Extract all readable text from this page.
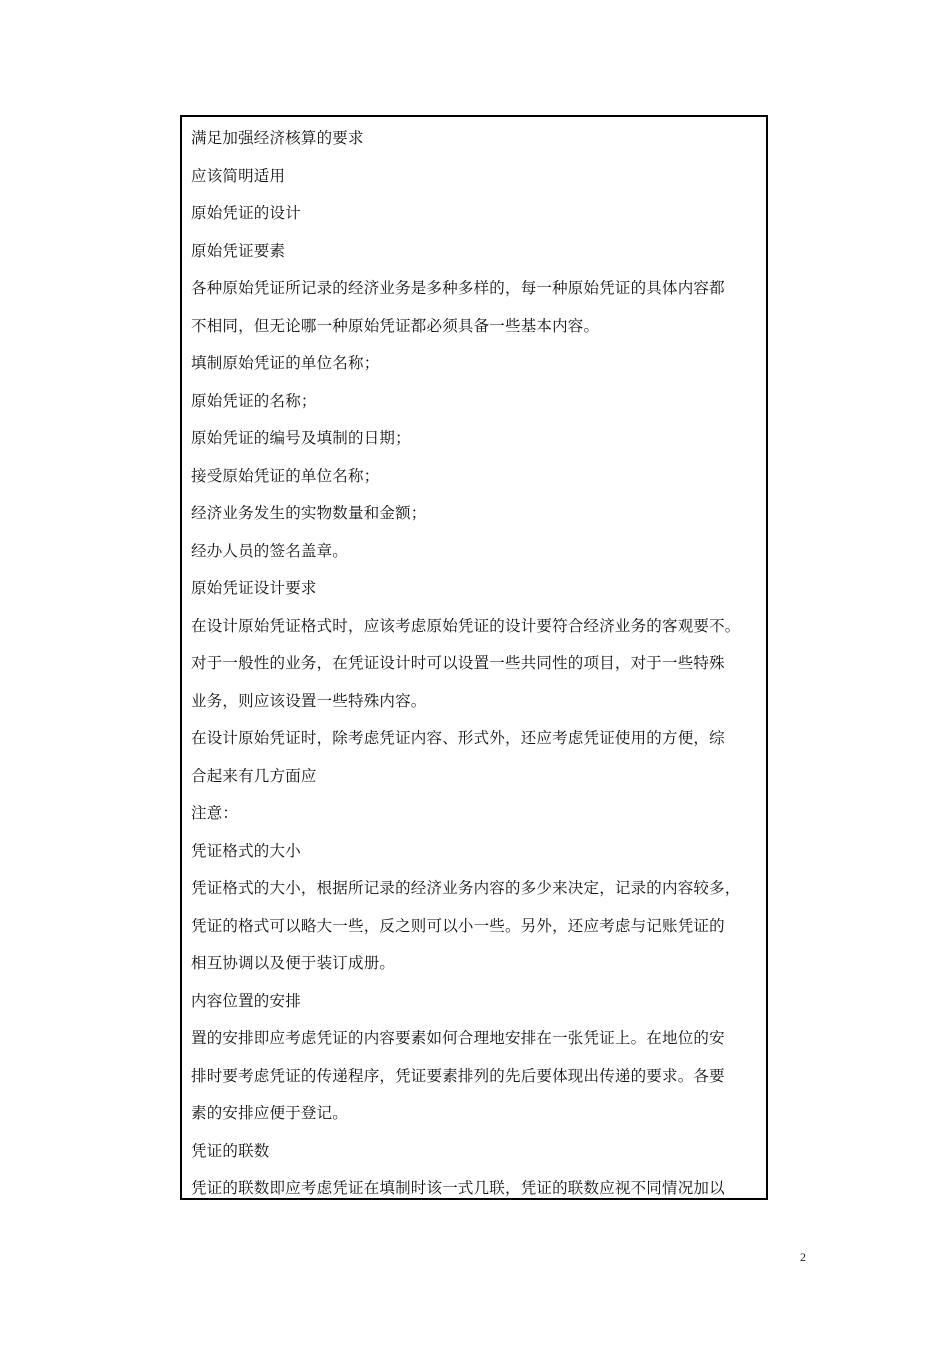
满足加强经济核算的要求
应该简明适用
原始凭证的设计
原始凭证要素
各种原始凭证所记录的经济业务是多种多样的，每一种原始凭证的具体内容都
不相同，但无论哪一种原始凭证都必须具备一些基本内容。
填制原始凭证的单位名称；
原始凭证的名称；
原始凭证的编号及填制的日期；
接受原始凭证的单位名称；
经济业务发生的实物数量和金额；
经办人员的签名盖章。
原始凭证设计要求
在设计原始凭证格式时，应该考虑原始凭证的设计要符合经济业务的客观要不。
对于一般性的业务，在凭证设计时可以设置一些共同性的项目，对于一些特殊
业务，则应该设置一些特殊内容。
在设计原始凭证时，除考虑凭证内容、形式外，还应考虑凭证使用的方便，综
合起来有几方面应
注意：
凭证格式的大小
凭证格式的大小，根据所记录的经济业务内容的多少来决定，记录的内容较多，
凭证的格式可以略大一些，反之则可以小一些。另外，还应考虑与记账凭证的
相互协调以及便于装订成册。
内容位置的安排
置的安排即应考虑凭证的内容要素如何合理地安排在一张凭证上。在地位的安
排时要考虑凭证的传递程序，凭证要素排列的先后要体现出传递的要求。各要
素的安排应便于登记。
凭证的联数
凭证的联数即应考虑凭证在填制时该一式几联，凭证的联数应视不同情况加以
2
